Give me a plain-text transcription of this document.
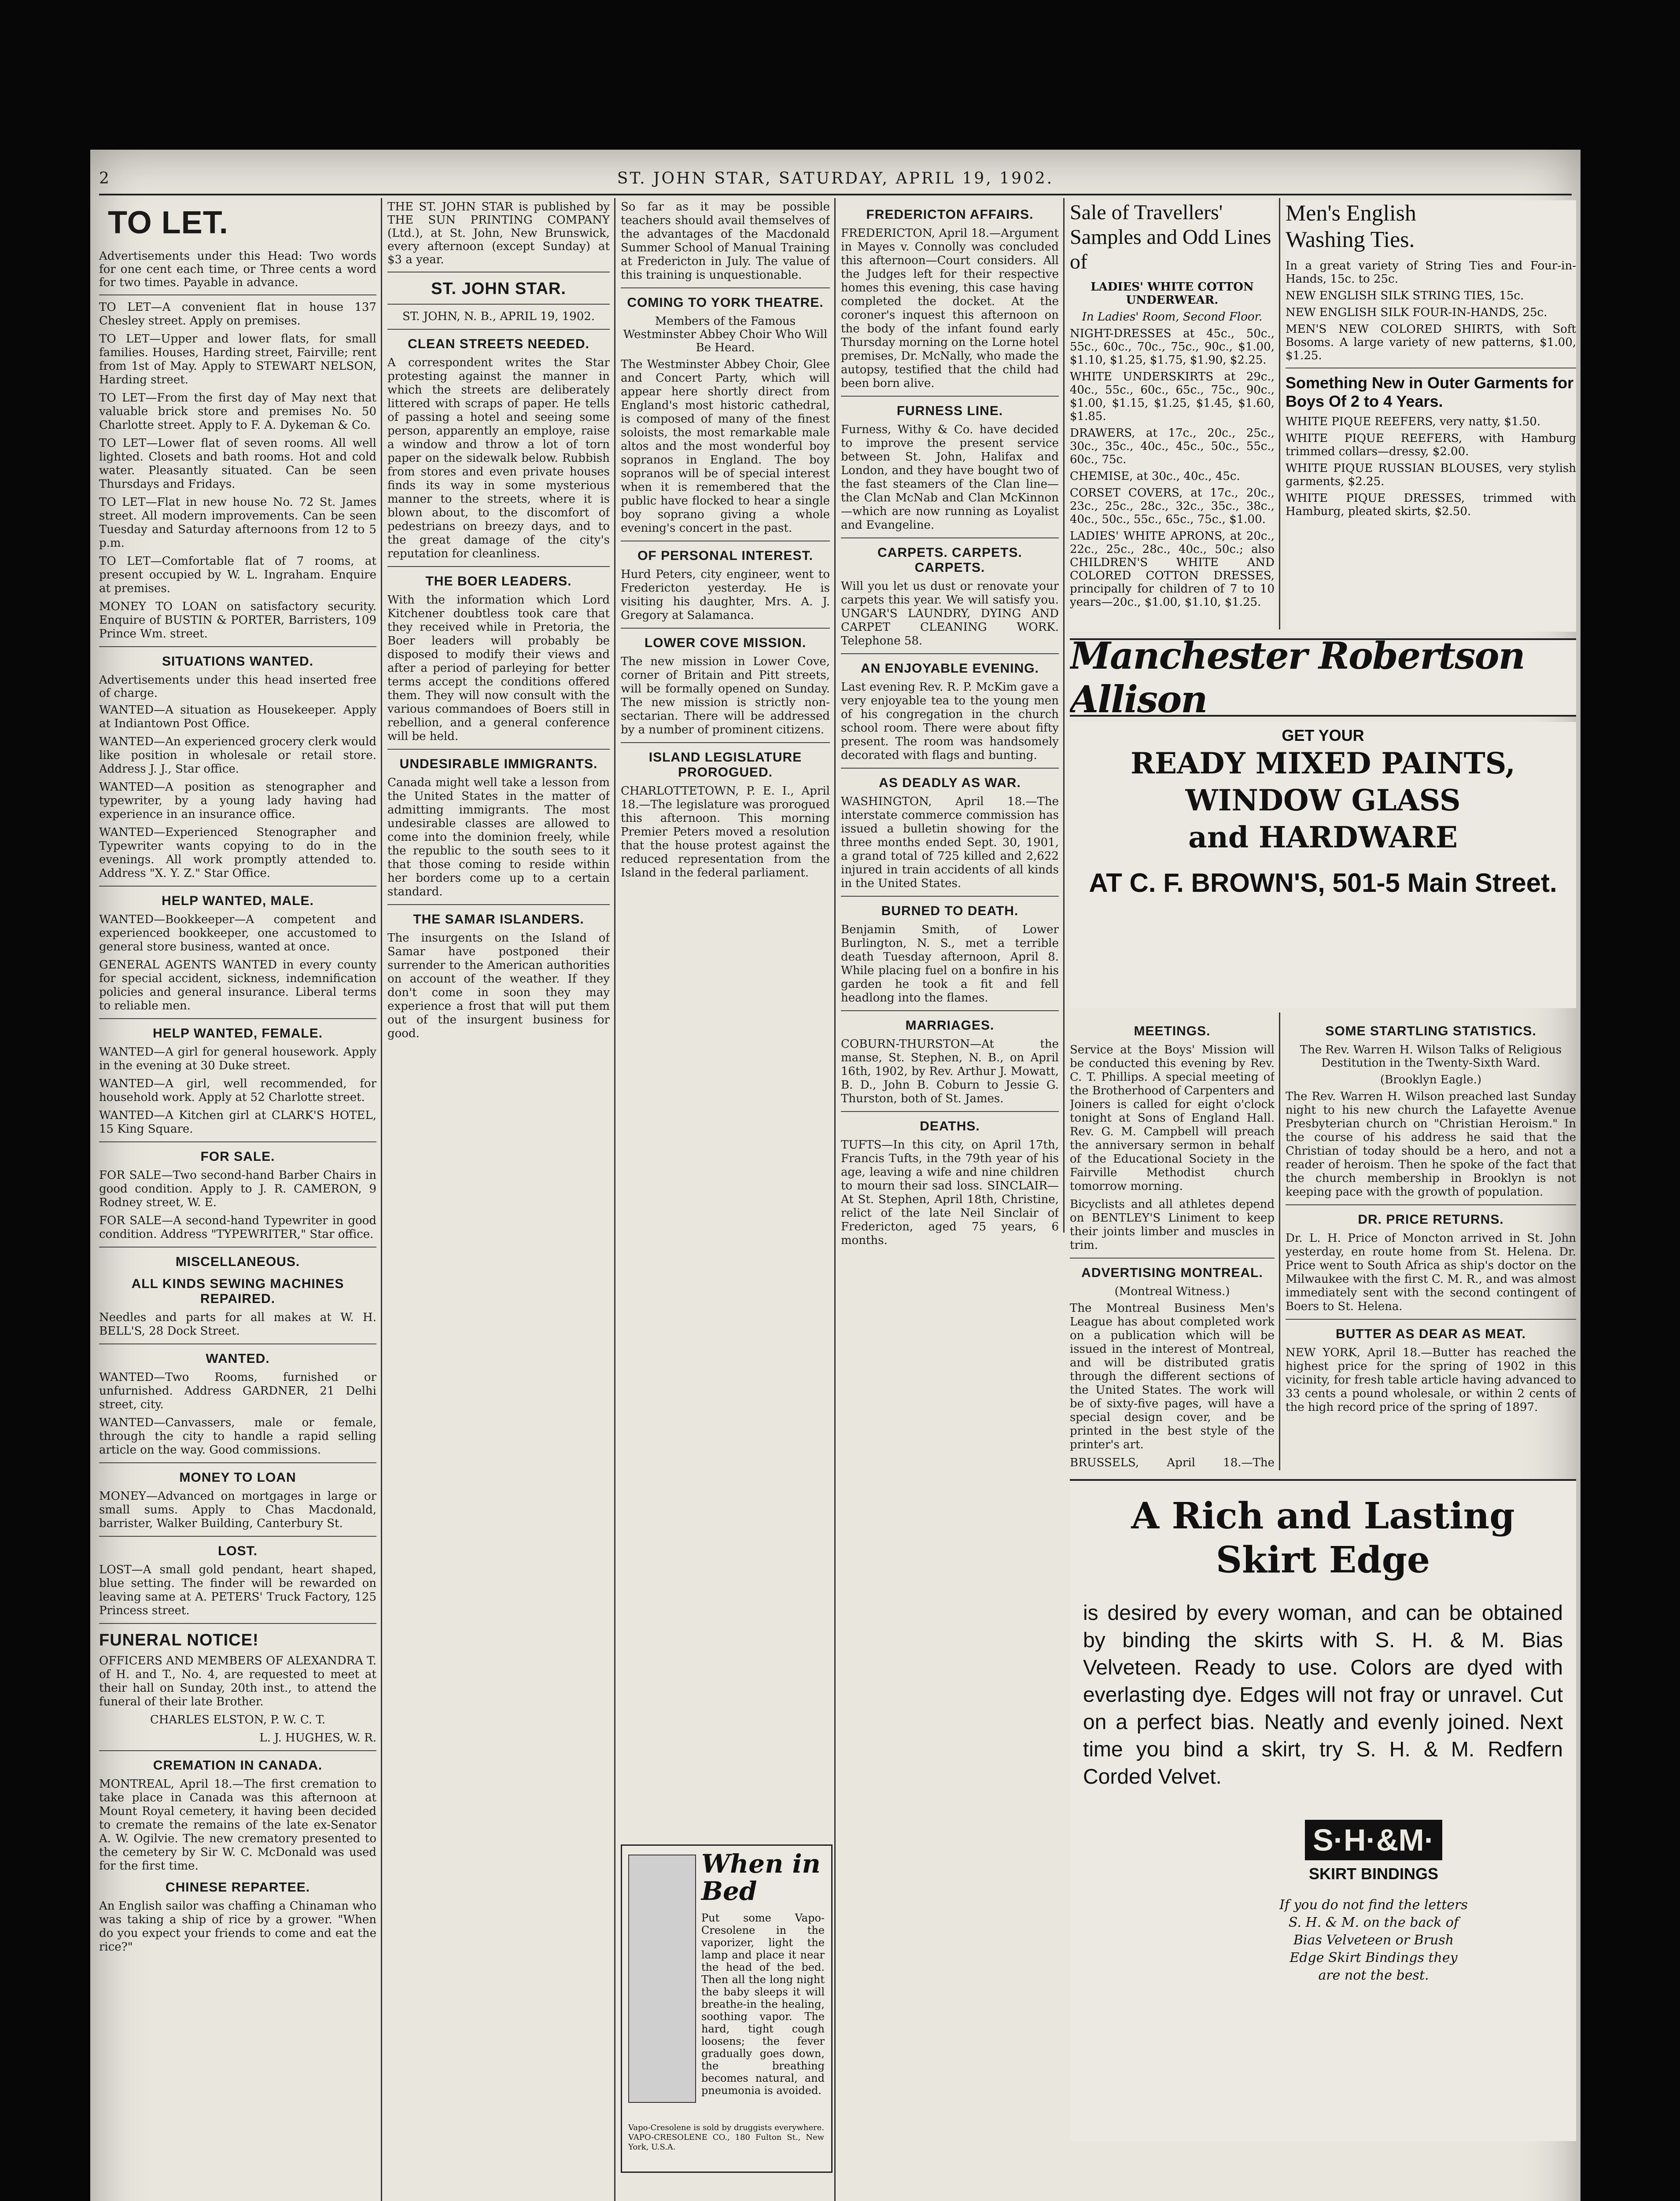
2	ST. JOHN STAR, SATURDAY, APRIL 19, 1902.
TO LET.

Advertisements under this Head: Two words for one cent each time, or Three cents a word for two times. Payable in advance.

TO LET—A convenient flat in house 137 Chesley street. Apply on premises.

TO LET—Upper and lower flats, for small families. Houses, Harding street, Fairville; rent from 1st of May. Apply to STEWART NELSON, Harding street.

TO LET—From the first day of May next that valuable brick store and premises No. 50 Charlotte street. Apply to F. A. Dykeman & Co.

TO LET—Lower flat of seven rooms. All well lighted. Closets and bath rooms. Hot and cold water. Pleasantly situated. Can be seen Thursdays and Fridays.

TO LET—Flat in new house No. 72 St. James street. All modern improvements. Can be seen Tuesday and Saturday afternoons from 12 to 5 p.m.

TO LET—Comfortable flat of 7 rooms, at present occupied by W. L. Ingraham. Enquire at premises.

MONEY TO LOAN on satisfactory security. Enquire of BUSTIN & PORTER, Barristers, 109 Prince Wm. street.

SITUATIONS WANTED.

Advertisements under this head inserted free of charge.

WANTED—A situation as Housekeeper. Apply at Indiantown Post Office.

WANTED—An experienced grocery clerk would like position in wholesale or retail store. Address J. J., Star office.

WANTED—A position as stenographer and typewriter, by a young lady having had experience in an insurance office.

WANTED—Experienced Stenographer and Typewriter wants copying to do in the evenings. All work promptly attended to. Address "X. Y. Z." Star Office.

HELP WANTED, MALE.

WANTED—Bookkeeper—A competent and experienced bookkeeper, one accustomed to general store business, wanted at once.

GENERAL AGENTS WANTED in every county for special accident, sickness, indemnification policies and general insurance. Liberal terms to reliable men.

HELP WANTED, FEMALE.

WANTED—A girl for general housework. Apply in the evening at 30 Duke street.

WANTED—A girl, well recommended, for household work. Apply at 52 Charlotte street.

WANTED—A Kitchen girl at CLARK'S HOTEL, 15 King Square.

FOR SALE.

FOR SALE—Two second-hand Barber Chairs in good condition. Apply to J. R. CAMERON, 9 Rodney street, W. E.

FOR SALE—A second-hand Typewriter in good condition. Address "TYPEWRITER," Star office.

MISCELLANEOUS.
ALL KINDS SEWING MACHINES REPAIRED.

Needles and parts for all makes at W. H. BELL'S, 28 Dock Street.

WANTED.

WANTED—Two Rooms, furnished or unfurnished. Address GARDNER, 21 Delhi street, city.

WANTED—Canvassers, male or female, through the city to handle a rapid selling article on the way. Good commissions.

MONEY TO LOAN

MONEY—Advanced on mortgages in large or small sums. Apply to Chas Macdonald, barrister, Walker Building, Canterbury St.

LOST.

LOST—A small gold pendant, heart shaped, blue setting. The finder will be rewarded on leaving same at A. PETERS' Truck Factory, 125 Princess street.

FUNERAL NOTICE!

OFFICERS AND MEMBERS OF ALEXANDRA T. of H. and T., No. 4, are requested to meet at their hall on Sunday, 20th inst., to attend the funeral of their late Brother.

CHARLES ELSTON, P. W. C. T.

L. J. HUGHES, W. R.

CREMATION IN CANADA.

MONTREAL, April 18.—The first cremation to take place in Canada was this afternoon at Mount Royal cemetery, it having been decided to cremate the remains of the late ex-Senator A. W. Ogilvie. The new crematory presented to the cemetery by Sir W. C. McDonald was used for the first time.

CHINESE REPARTEE.

An English sailor was chaffing a Chinaman who was taking a ship of rice by a grower. "When do you expect your friends to come and eat the rice?"

THE ST. JOHN STAR is published by THE SUN PRINTING COMPANY (Ltd.), at St. John, New Brunswick, every afternoon (except Sunday) at $3 a year.

ST. JOHN STAR.

ST. JOHN, N. B., APRIL 19, 1902.

CLEAN STREETS NEEDED.

A correspondent writes the Star protesting against the manner in which the streets are deliberately littered with scraps of paper. He tells of passing a hotel and seeing some person, apparently an employe, raise a window and throw a lot of torn paper on the sidewalk below. Rubbish from stores and even private houses finds its way in some mysterious manner to the streets, where it is blown about, to the discomfort of pedestrians on breezy days, and to the great damage of the city's reputation for cleanliness.

THE BOER LEADERS.

With the information which Lord Kitchener doubtless took care that they received while in Pretoria, the Boer leaders will probably be disposed to modify their views and after a period of parleying for better terms accept the conditions offered them. They will now consult with the various commandoes of Boers still in rebellion, and a general conference will be held.

UNDESIRABLE IMMIGRANTS.

Canada might well take a lesson from the United States in the matter of admitting immigrants. The most undesirable classes are allowed to come into the dominion freely, while the republic to the south sees to it that those coming to reside within her borders come up to a certain standard.

THE SAMAR ISLANDERS.

The insurgents on the Island of Samar have postponed their surrender to the American authorities on account of the weather. If they don't come in soon they may experience a frost that will put them out of the insurgent business for good.

So far as it may be possible teachers should avail themselves of the advantages of the Macdonald Summer School of Manual Training at Fredericton in July. The value of this training is unquestionable.

COMING TO YORK THEATRE.

Members of the Famous Westminster Abbey Choir Who Will Be Heard.

The Westminster Abbey Choir, Glee and Concert Party, which will appear here shortly direct from England's most historic cathedral, is composed of many of the finest soloists, the most remarkable male altos and the most wonderful boy sopranos in England. The boy sopranos will be of special interest when it is remembered that the public have flocked to hear a single boy soprano giving a whole evening's concert in the past.

OF PERSONAL INTEREST.

Hurd Peters, city engineer, went to Fredericton yesterday. He is visiting his daughter, Mrs. A. J. Gregory at Salamanca.

LOWER COVE MISSION.

The new mission in Lower Cove, corner of Britain and Pitt streets, will be formally opened on Sunday. The new mission is strictly non-sectarian. There will be addressed by a number of prominent citizens.

ISLAND LEGISLATURE PROROGUED.

CHARLOTTETOWN, P. E. I., April 18.—The legislature was prorogued this afternoon. This morning Premier Peters moved a resolution that the house protest against the reduced representation from the Island in the federal parliament.

When in Bed

Put some Vapo-Cresolene in the vaporizer, light the lamp and place it near the head of the bed. Then all the long night the baby sleeps it will breathe-in the healing, soothing vapor. The hard, tight cough loosens; the fever gradually goes down, the breathing becomes natural, and pneumonia is avoided.

Vapo-Cresolene is sold by druggists everywhere. VAPO-CRESOLENE CO., 180 Fulton St., New York, U.S.A.

FREDERICTON AFFAIRS.

FREDERICTON, April 18.—Argument in Mayes v. Connolly was concluded this afternoon—Court considers. All the Judges left for their respective homes this evening, this case having completed the docket. At the coroner's inquest this afternoon on the body of the infant found early Thursday morning on the Lorne hotel premises, Dr. McNally, who made the autopsy, testified that the child had been born alive.

FURNESS LINE.

Furness, Withy & Co. have decided to improve the present service between St. John, Halifax and London, and they have bought two of the fast steamers of the Clan line—the Clan McNab and Clan McKinnon—which are now running as Loyalist and Evangeline.

CARPETS. CARPETS. CARPETS.

Will you let us dust or renovate your carpets this year. We will satisfy you. UNGAR'S LAUNDRY, DYING AND CARPET CLEANING WORK. Telephone 58.

AN ENJOYABLE EVENING.

Last evening Rev. R. P. McKim gave a very enjoyable tea to the young men of his congregation in the church school room. There were about fifty present. The room was handsomely decorated with flags and bunting.

AS DEADLY AS WAR.

WASHINGTON, April 18.—The interstate commerce commission has issued a bulletin showing for the three months ended Sept. 30, 1901, a grand total of 725 killed and 2,622 injured in train accidents of all kinds in the United States.

BURNED TO DEATH.

Benjamin Smith, of Lower Burlington, N. S., met a terrible death Tuesday afternoon, April 8. While placing fuel on a bonfire in his garden he took a fit and fell headlong into the flames.

MARRIAGES.

COBURN-THURSTON—At the manse, St. Stephen, N. B., on April 16th, 1902, by Rev. Arthur J. Mowatt, B. D., John B. Coburn to Jessie G. Thurston, both of St. James.

DEATHS.

TUFTS—In this city, on April 17th, Francis Tufts, in the 79th year of his age, leaving a wife and nine children to mourn their sad loss. SINCLAIR—At St. Stephen, April 18th, Christine, relict of the late Neil Sinclair of Fredericton, aged 75 years, 6 months.

Sale of Travellers' Samples and Odd Lines of

LADIES' WHITE COTTON UNDERWEAR.

In Ladies' Room, Second Floor.

NIGHT-DRESSES at 45c., 50c., 55c., 60c., 70c., 75c., 90c., $1.00, $1.10, $1.25, $1.75, $1.90, $2.25.

WHITE UNDERSKIRTS at 29c., 40c., 55c., 60c., 65c., 75c., 90c., $1.00, $1.15, $1.25, $1.45, $1.60, $1.85.

DRAWERS, at 17c., 20c., 25c., 30c., 35c., 40c., 45c., 50c., 55c., 60c., 75c.

CHEMISE, at 30c., 40c., 45c.

CORSET COVERS, at 17c., 20c., 23c., 25c., 28c., 32c., 35c., 38c., 40c., 50c., 55c., 65c., 75c., $1.00.

LADIES' WHITE APRONS, at 20c., 22c., 25c., 28c., 40c., 50c.; also CHILDREN'S WHITE AND COLORED COTTON DRESSES, principally for children of 7 to 10 years—20c., $1.00, $1.10, $1.25.

Men's English Washing Ties.

In a great variety of String Ties and Four-in-Hands, 15c. to 25c.

NEW ENGLISH SILK STRING TIES, 15c.

NEW ENGLISH SILK FOUR-IN-HANDS, 25c.

MEN'S NEW COLORED SHIRTS, with Soft Bosoms. A large variety of new patterns, $1.00, $1.25.

Something New in Outer Garments for Boys Of 2 to 4 Years.

WHITE PIQUE REEFERS, very natty, $1.50.

WHITE PIQUE REEFERS, with Hamburg trimmed collars—dressy, $2.00.

WHITE PIQUE RUSSIAN BLOUSES, very stylish garments, $2.25.

WHITE PIQUE DRESSES, trimmed with Hamburg, pleated skirts, $2.50.

Manchester Robertson Allison
GET YOUR
READY MIXED PAINTS,
WINDOW GLASS
and HARDWARE
AT C. F. BROWN'S, 501-5 Main Street.
MEETINGS.

Service at the Boys' Mission will be conducted this evening by Rev. C. T. Phillips. A special meeting of the Brotherhood of Carpenters and Joiners is called for eight o'clock tonight at Sons of England Hall. Rev. G. M. Campbell will preach the anniversary sermon in behalf of the Educational Society in the Fairville Methodist church tomorrow morning.

Bicyclists and all athletes depend on BENTLEY'S Liniment to keep their joints limber and muscles in trim.

ADVERTISING MONTREAL.

(Montreal Witness.)

The Montreal Business Men's League has about completed work on a publication which will be issued in the interest of Montreal, and will be distributed gratis through the different sections of the United States. The work will be of sixty-five pages, will have a special design cover, and be printed in the best style of the printer's art.

BRUSSELS, April 18.—The

SOME STARTLING STATISTICS.

The Rev. Warren H. Wilson Talks of Religious Destitution in the Twenty-Sixth Ward.

(Brooklyn Eagle.)

The Rev. Warren H. Wilson preached last Sunday night to his new church the Lafayette Avenue Presbyterian church on "Christian Heroism." In the course of his address he said that the Christian of today should be a hero, and not a reader of heroism. Then he spoke of the fact that the church membership in Brooklyn is not keeping pace with the growth of population.

DR. PRICE RETURNS.

Dr. L. H. Price of Moncton arrived in St. John yesterday, en route home from St. Helena. Dr. Price went to South Africa as ship's doctor on the Milwaukee with the first C. M. R., and was almost immediately sent with the second contingent of Boers to St. Helena.

BUTTER AS DEAR AS MEAT.

NEW YORK, April 18.—Butter has reached the highest price for the spring of 1902 in this vicinity, for fresh table article having advanced to 33 cents a pound wholesale, or within 2 cents of the high record price of the spring of 1897.

A Rich and Lasting
Skirt Edge

is desired by every woman, and can be obtained by binding the skirts with S. H. & M. Bias Velveteen. Ready to use. Colors are dyed with everlasting dye. Edges will not fray or unravel. Cut on a perfect bias. Neatly and evenly joined. Next time you bind a skirt, try S. H. & M. Redfern Corded Velvet.

S·H·&M·
SKIRT BINDINGS

If you do not find the letters S. H. & M. on the back of Bias Velveteen or Brush Edge Skirt Bindings they are not the best.
